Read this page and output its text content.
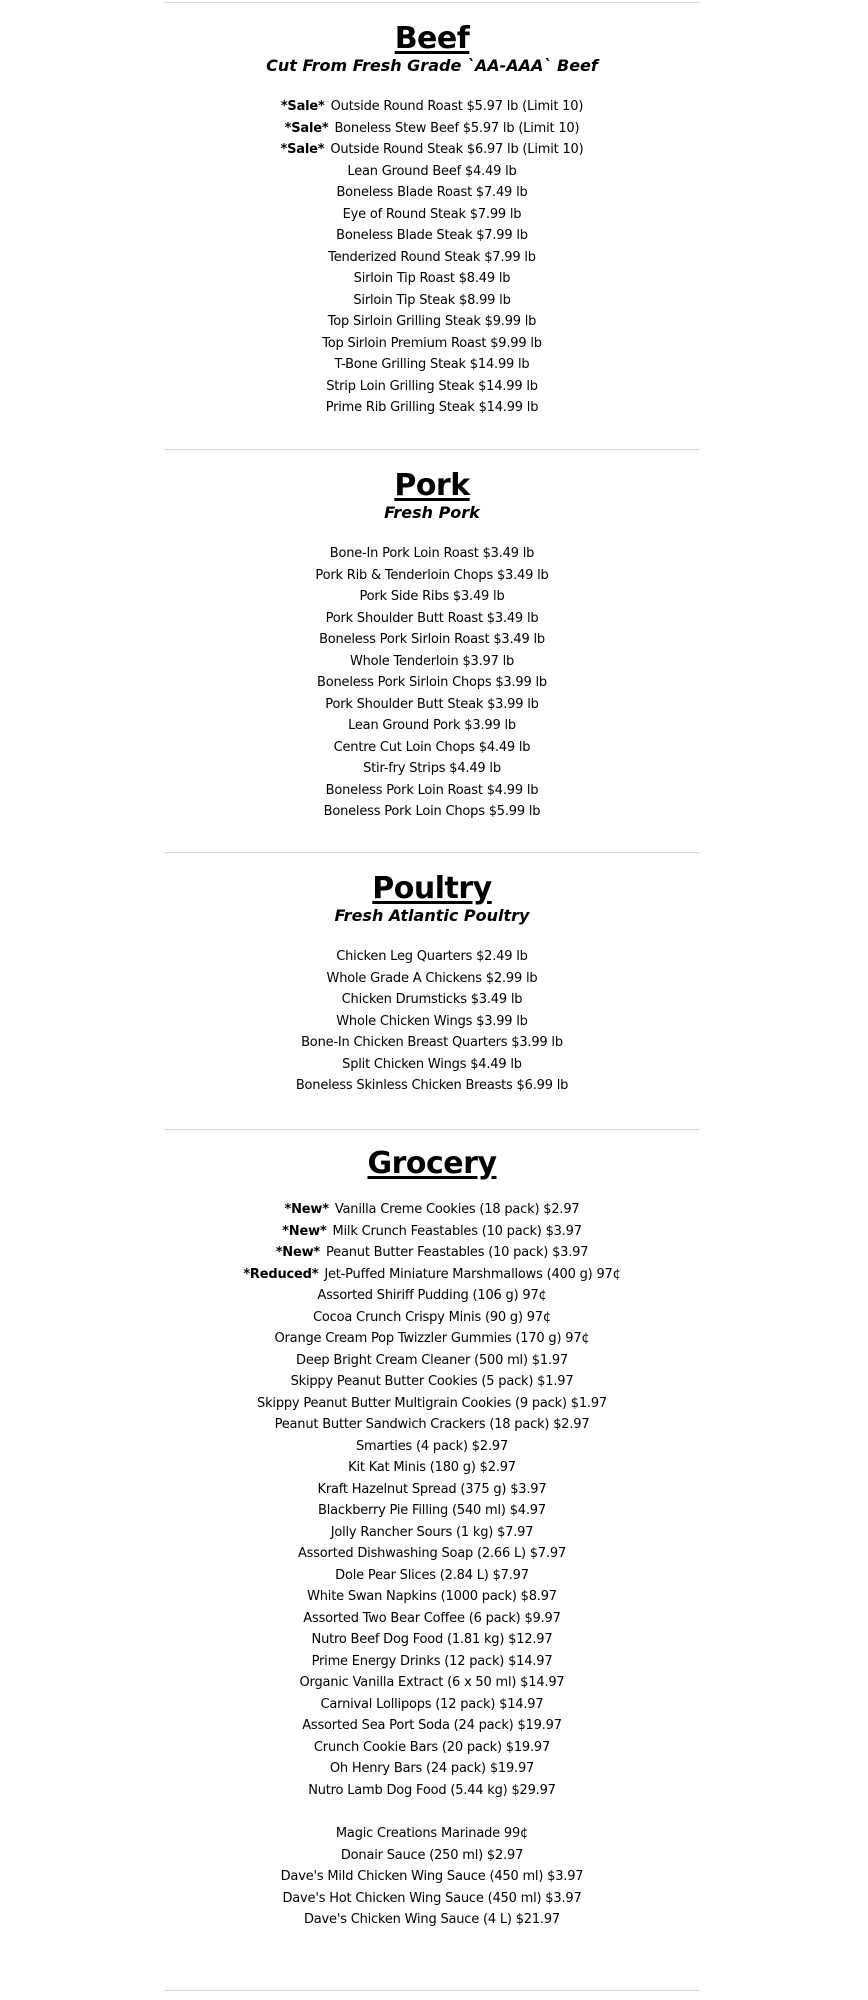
Beef

Cut From Fresh Grade `AA-AAA` Beef

*Sale* Outside Round Roast $5.97 lb (Limit 10)
*Sale* Boneless Stew Beef $5.97 lb (Limit 10)
*Sale* Outside Round Steak $6.97 lb (Limit 10)
Lean Ground Beef $4.49 lb
Boneless Blade Roast $7.49 lb
Eye of Round Steak $7.99 lb
Boneless Blade Steak $7.99 lb
Tenderized Round Steak $7.99 lb
Sirloin Tip Roast $8.49 lb
Sirloin Tip Steak $8.99 lb
Top Sirloin Grilling Steak $9.99 lb
Top Sirloin Premium Roast $9.99 lb
T-Bone Grilling Steak $14.99 lb
Strip Loin Grilling Steak $14.99 lb
Prime Rib Grilling Steak $14.99 lb
Pork

Fresh Pork

Bone-In Pork Loin Roast $3.49 lb
Pork Rib & Tenderloin Chops $3.49 lb
Pork Side Ribs $3.49 lb
Pork Shoulder Butt Roast $3.49 lb
Boneless Pork Sirloin Roast $3.49 lb
Whole Tenderloin $3.97 lb
Boneless Pork Sirloin Chops $3.99 lb
Pork Shoulder Butt Steak $3.99 lb
Lean Ground Pork $3.99 lb
Centre Cut Loin Chops $4.49 lb
Stir-fry Strips $4.49 lb
Boneless Pork Loin Roast $4.99 lb
Boneless Pork Loin Chops $5.99 lb
Poultry

Fresh Atlantic Poultry

Chicken Leg Quarters $2.49 lb
Whole Grade A Chickens $2.99 lb
Chicken Drumsticks $3.49 lb
Whole Chicken Wings $3.99 lb
Bone-In Chicken Breast Quarters $3.99 lb
Split Chicken Wings $4.49 lb
Boneless Skinless Chicken Breasts $6.99 lb
Grocery
*New* Vanilla Creme Cookies (18 pack) $2.97
*New* Milk Crunch Feastables (10 pack) $3.97
*New* Peanut Butter Feastables (10 pack) $3.97
*Reduced* Jet-Puffed Miniature Marshmallows (400 g) 97¢
Assorted Shiriff Pudding (106 g) 97¢
Cocoa Crunch Crispy Minis (90 g) 97¢
Orange Cream Pop Twizzler Gummies (170 g) 97¢
Deep Bright Cream Cleaner (500 ml) $1.97
Skippy Peanut Butter Cookies (5 pack) $1.97
Skippy Peanut Butter Multigrain Cookies (9 pack) $1.97
Peanut Butter Sandwich Crackers (18 pack) $2.97
Smarties (4 pack) $2.97
Kit Kat Minis (180 g) $2.97
Kraft Hazelnut Spread (375 g) $3.97
Blackberry Pie Filling (540 ml) $4.97
Jolly Rancher Sours (1 kg) $7.97
Assorted Dishwashing Soap (2.66 L) $7.97
Dole Pear Slices (2.84 L) $7.97
White Swan Napkins (1000 pack) $8.97
Assorted Two Bear Coffee (6 pack) $9.97
Nutro Beef Dog Food (1.81 kg) $12.97
Prime Energy Drinks (12 pack) $14.97
Organic Vanilla Extract (6 x 50 ml) $14.97
Carnival Lollipops (12 pack) $14.97
Assorted Sea Port Soda (24 pack) $19.97
Crunch Cookie Bars (20 pack) $19.97
Oh Henry Bars (24 pack) $19.97
Nutro Lamb Dog Food (5.44 kg) $29.97
Magic Creations Marinade 99¢
Donair Sauce (250 ml) $2.97
Dave's Mild Chicken Wing Sauce (450 ml) $3.97
Dave's Hot Chicken Wing Sauce (450 ml) $3.97
Dave's Chicken Wing Sauce (4 L) $21.97
